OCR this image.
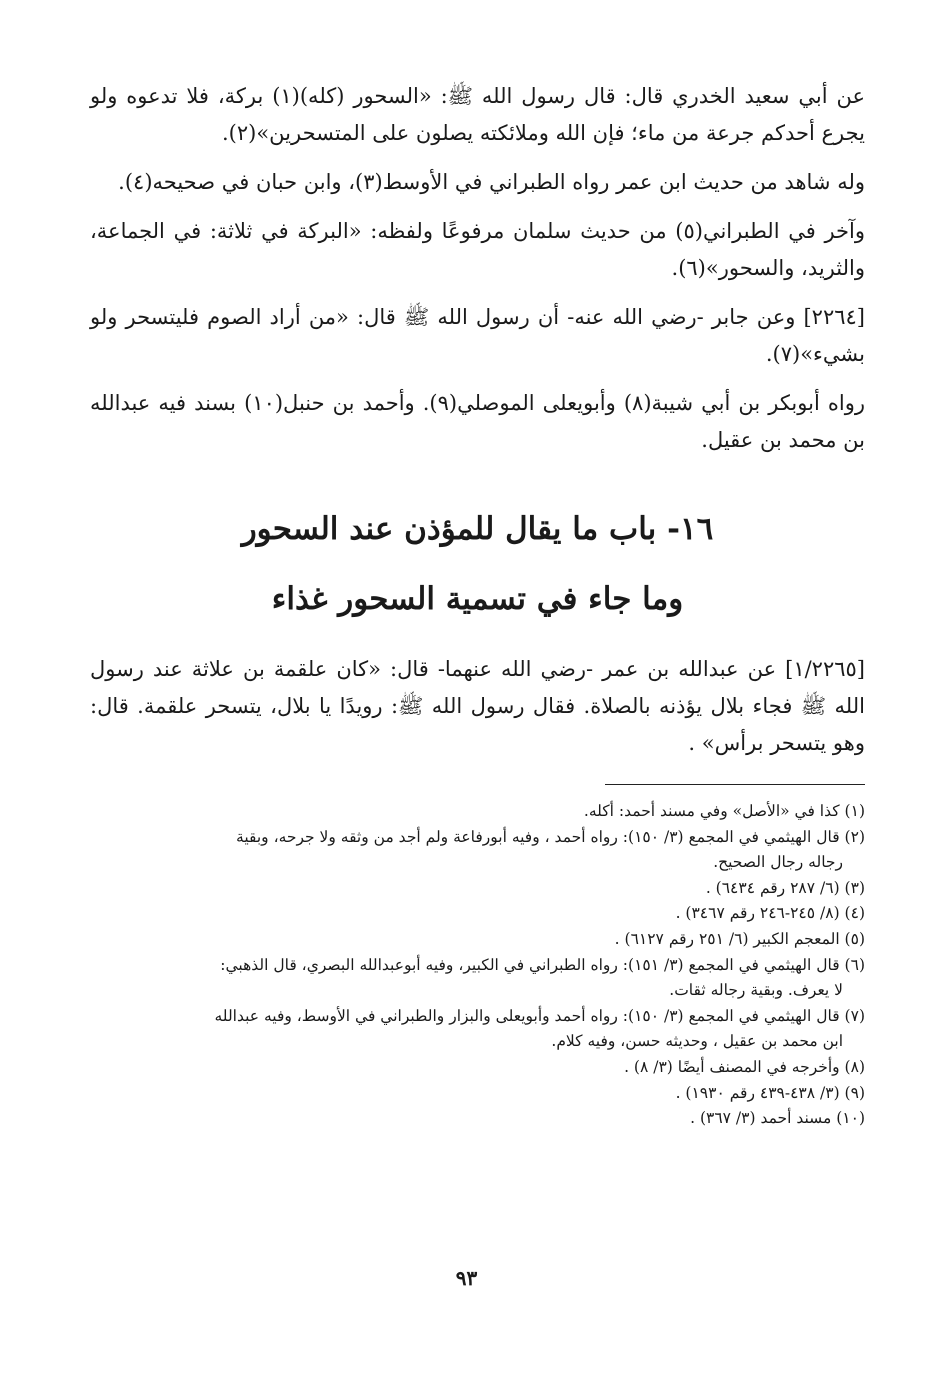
عن أبي سعيد الخدري قال: قال رسول الله ﷺ: «السحور (كله)(١) بركة، فلا تدعوه ولو يجرع أحدكم جرعة من ماء؛ فإن الله وملائكته يصلون على المتسحرين»(٢).

وله شاهد من حديث ابن عمر رواه الطبراني في الأوسط(٣)، وابن حبان في صحيحه(٤).

وآخر في الطبراني(٥) من حديث سلمان مرفوعًا ولفظه: «البركة في ثلاثة: في الجماعة، والثريد، والسحور»(٦).

[٢٢٦٤] وعن جابر -رضي الله عنه- أن رسول الله ﷺ قال: «من أراد الصوم فليتسحر ولو بشيء»(٧).

رواه أبوبكر بن أبي شيبة(٨) وأبويعلى الموصلي(٩). وأحمد بن حنبل(١٠) بسند فيه عبدالله بن محمد بن عقيل.

١٦- باب ما يقال للمؤذن عند السحور
وما جاء في تسمية السحور غذاء

[١/٢٢٦٥] عن عبدالله بن عمر -رضي الله عنهما- قال: «كان علقمة بن علاثة عند رسول الله ﷺ فجاء بلال يؤذنه بالصلاة. فقال رسول الله ﷺ: رويدًا يا بلال، يتسحر علقمة. قال: وهو يتسحر برأس» .

(١) كذا في «الأصل» وفي مسند أحمد: أكله.

(٢) قال الهيثمي في المجمع (٣/ ١٥٠): رواه أحمد ، وفيه أبورفاعة ولم أجد من وثقه ولا جرحه، وبقية
رجاله رجال الصحيح.

(٣) (٦/ ٢٨٧ رقم ٦٤٣٤) .

(٤) (٨/ ٢٤٥-٢٤٦ رقم ٣٤٦٧) .

(٥) المعجم الكبير (٦/ ٢٥١ رقم ٦١٢٧) .

(٦) قال الهيثمي في المجمع (٣/ ١٥١): رواه الطبراني في الكبير، وفيه أبوعبدالله البصري، قال الذهبي:
لا يعرف. وبقية رجاله ثقات.

(٧) قال الهيثمي في المجمع (٣/ ١٥٠): رواه أحمد وأبويعلى والبزار والطبراني في الأوسط، وفيه عبدالله
ابن محمد بن عقيل ، وحديثه حسن، وفيه كلام.

(٨) وأخرجه في المصنف أيضًا (٣/ ٨) .

(٩) (٣/ ٤٣٨-٤٣٩ رقم ١٩٣٠) .

(١٠) مسند أحمد (٣/ ٣٦٧) .

٩٣
